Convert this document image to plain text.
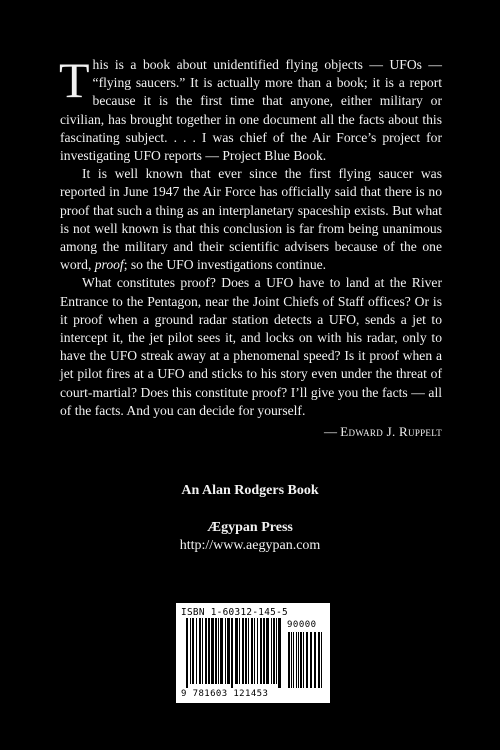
This is a book about unidentified flying objects — UFOs — “flying saucers.” It is actually more than a book; it is a report because it is the first time that anyone, either military or civilian, has brought together in one document all the facts about this fascinating subject. . . . I was chief of the Air Force’s project for investigating UFO reports — Project Blue Book.

It is well known that ever since the first flying saucer was reported in June 1947 the Air Force has officially said that there is no proof that such a thing as an interplanetary spaceship exists. But what is not well known is that this conclusion is far from being unanimous among the military and their scientific advisers because of the one word, proof; so the UFO investigations continue.

What constitutes proof? Does a UFO have to land at the River Entrance to the Pentagon, near the Joint Chiefs of Staff offices? Or is it proof when a ground radar station detects a UFO, sends a jet to intercept it, the jet pilot sees it, and locks on with his radar, only to have the UFO streak away at a phenomenal speed? Is it proof when a jet pilot fires at a UFO and sticks to his story even under the threat of court-martial? Does this constitute proof? I’ll give you the facts — all of the facts. And you can decide for yourself.

— Edward J. Ruppelt
An Alan Rodgers Book
Ægypan Press
http://www.aegypan.com
ISBN 1-60312-145-5
90000
9 781603 121453
